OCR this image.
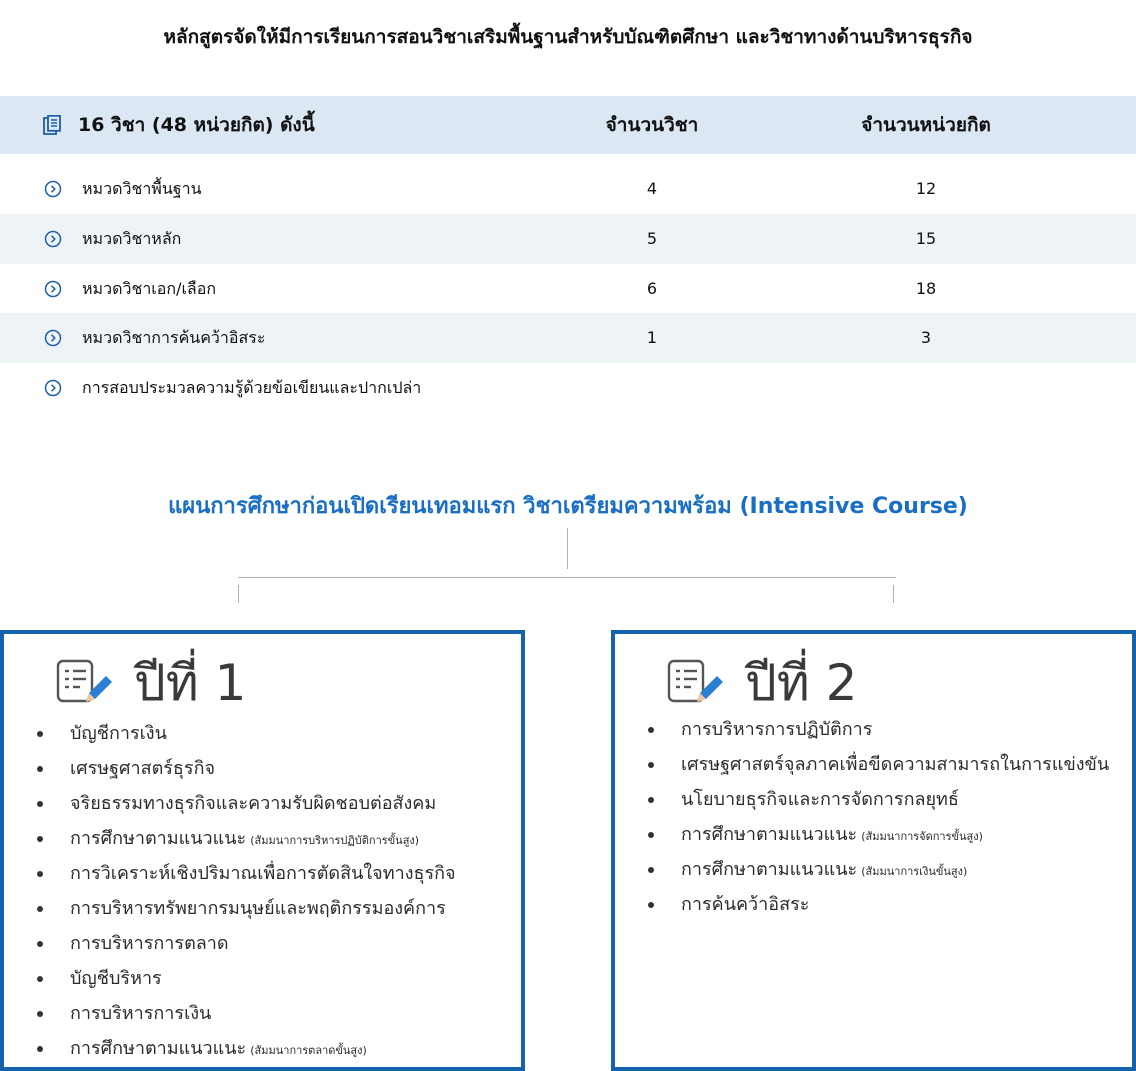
หลักสูตรจัดให้มีการเรียนการสอนวิชาเสริมพื้นฐานสำหรับบัณฑิตศึกษา และวิชาทางด้านบริหารธุรกิจ
16 วิชา (48 หน่วยกิต) ดังนี้	จำนวนวิชา	จำนวนหน่วยกิต
หมวดวิชาพื้นฐาน	4	12
หมวดวิชาหลัก	5	15
หมวดวิชาเอก/เลือก	6	18
หมวดวิชาการค้นคว้าอิสระ	1	3
การสอบประมวลความรู้ด้วยข้อเขียนและปากเปล่า
แผนการศึกษาก่อนเปิดเรียนเทอมแรก วิชาเตรียมความพร้อม (Intensive Course)
ปีที่ 1
บัญชีการเงิน
เศรษฐศาสตร์ธุรกิจ
จริยธรรมทางธุรกิจและความรับผิดชอบต่อสังคม
การศึกษาตามแนวแนะ (สัมมนาการบริหารปฏิบัติการขั้นสูง)
การวิเคราะห์เชิงปริมาณเพื่อการตัดสินใจทางธุรกิจ
การบริหารทรัพยากรมนุษย์และพฤติกรรมองค์การ
การบริหารการตลาด
บัญชีบริหาร
การบริหารการเงิน
การศึกษาตามแนวแนะ (สัมมนาการตลาดขั้นสูง)
ปีที่ 2
การบริหารการปฏิบัติการ
เศรษฐศาสตร์จุลภาคเพื่อขีดความสามารถในการแข่งขัน
นโยบายธุรกิจและการจัดการกลยุทธ์
การศึกษาตามแนวแนะ (สัมมนาการจัดการขั้นสูง)
การศึกษาตามแนวแนะ (สัมมนาการเงินขั้นสูง)
การค้นคว้าอิสระ
